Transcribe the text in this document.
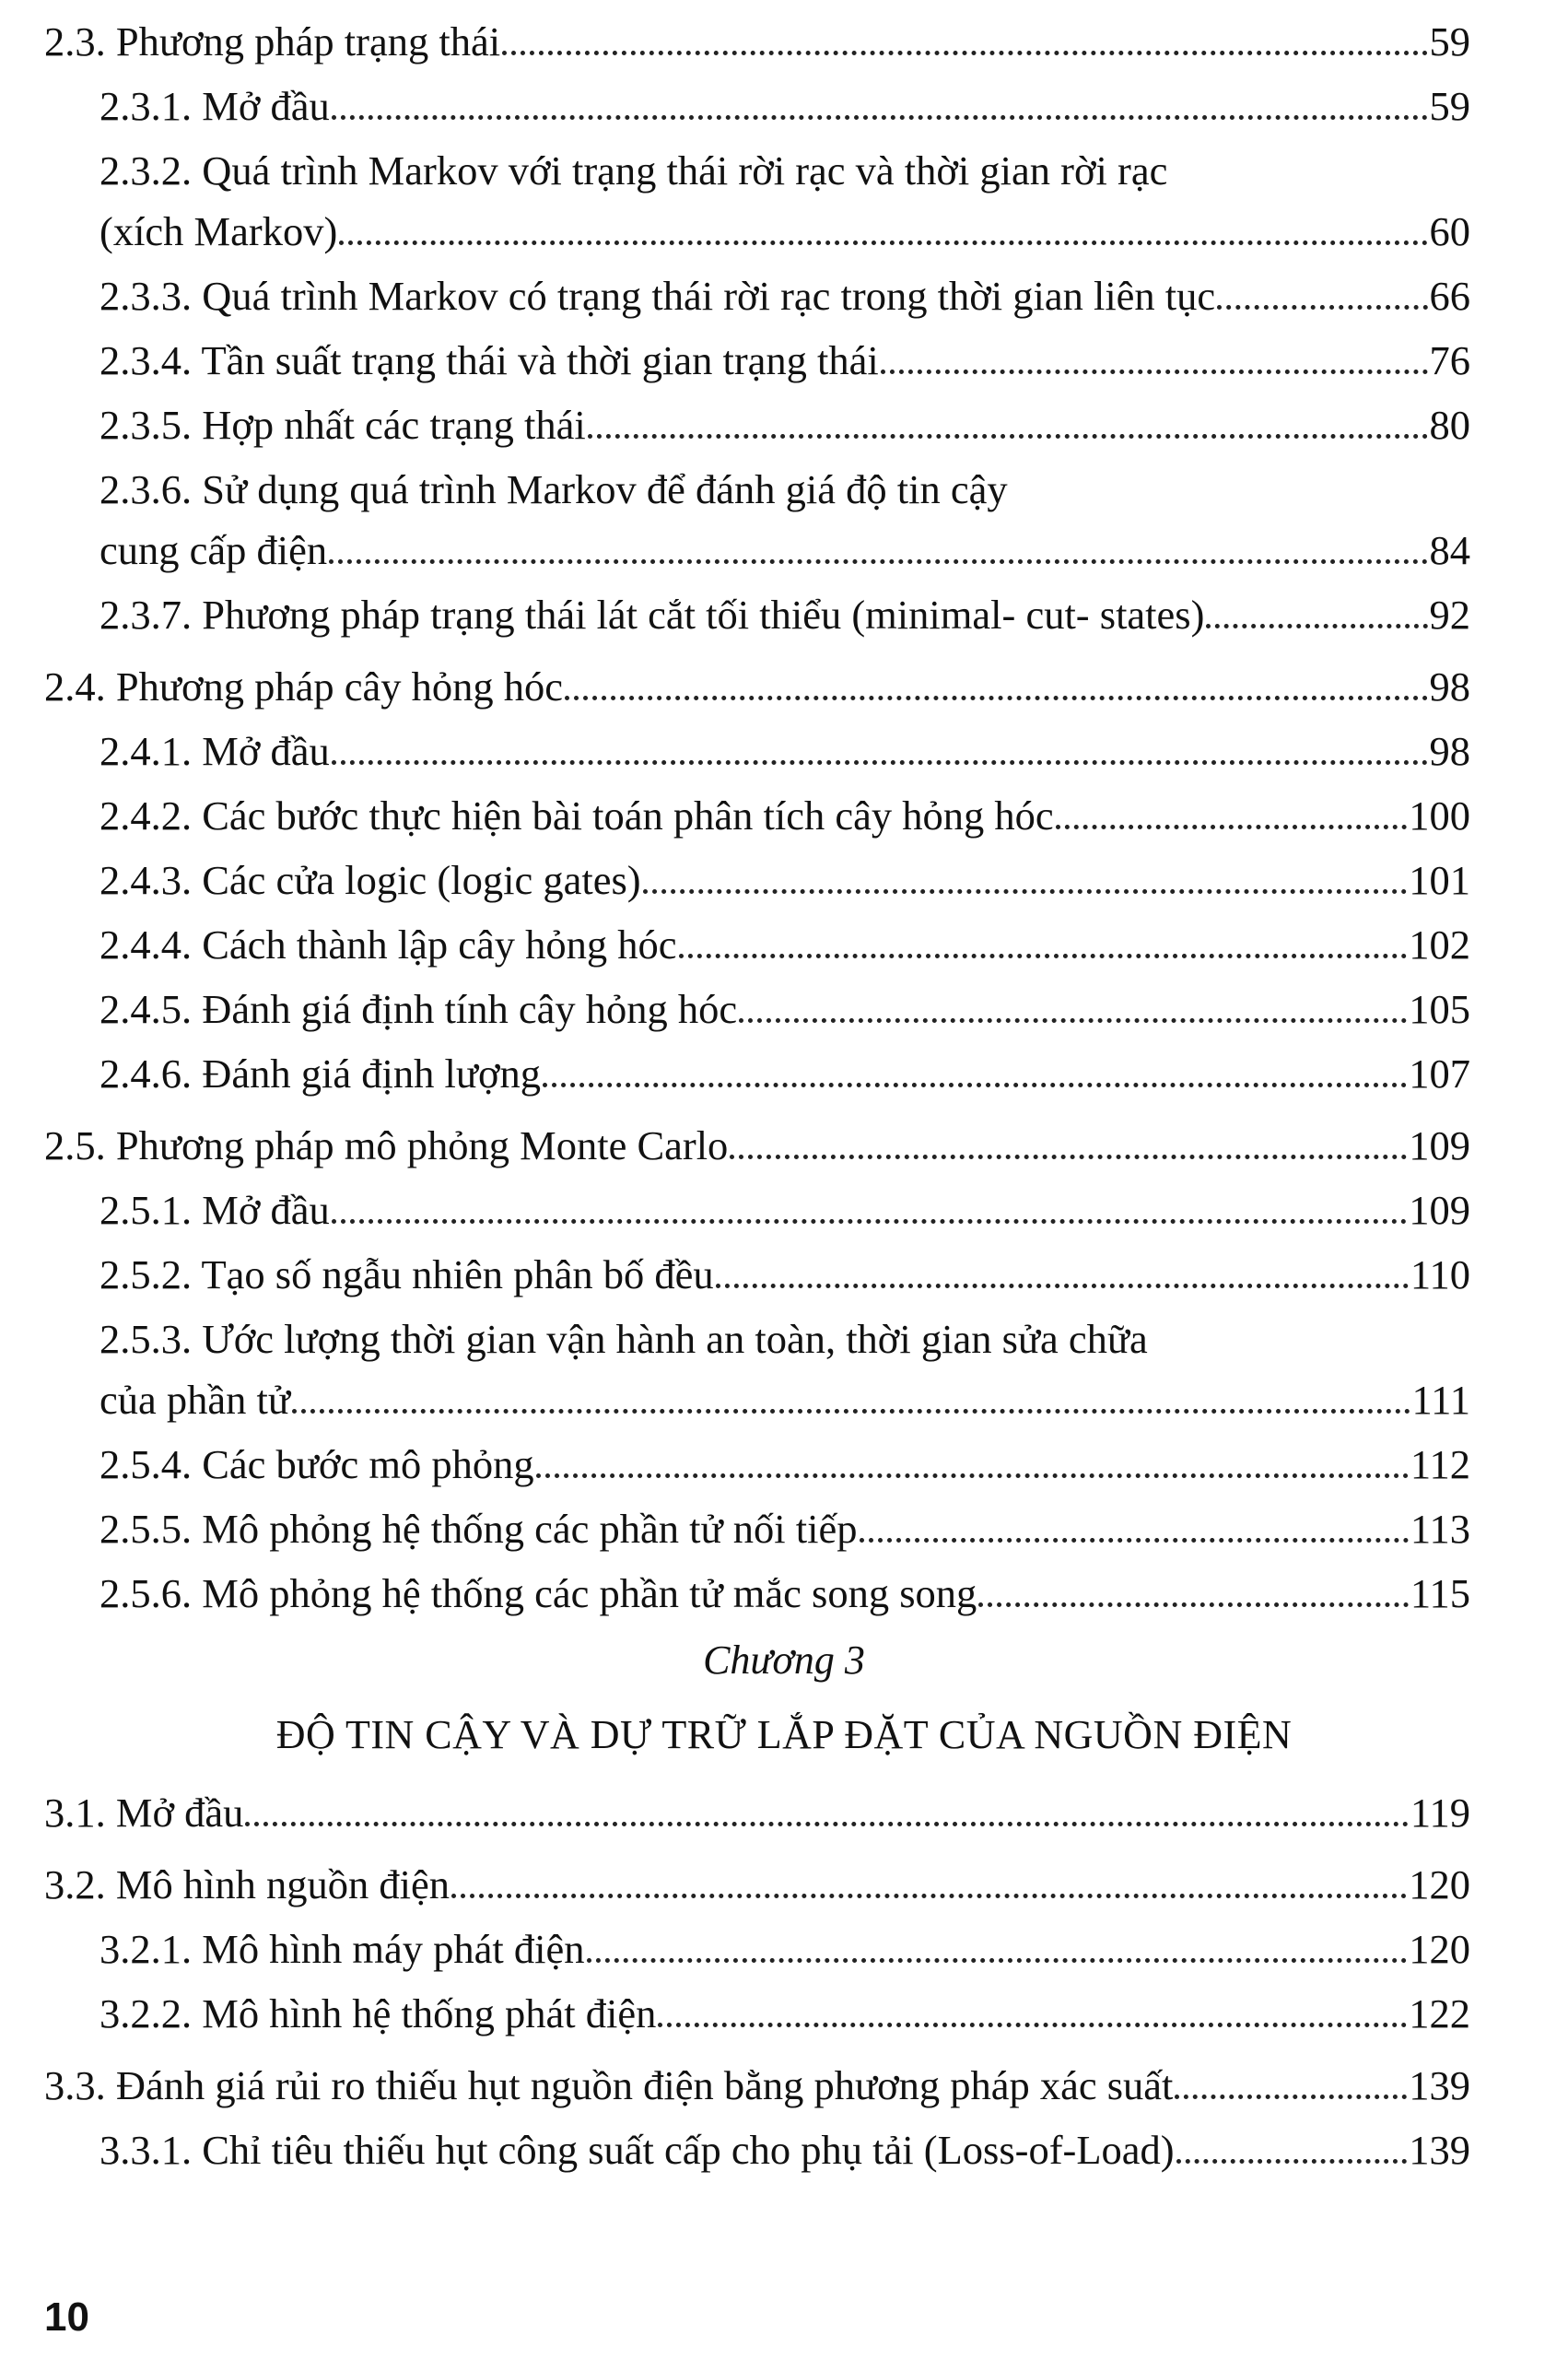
2.3. Phương pháp trạng thái	59
2.3.1. Mở đầu	59
2.3.2. Quá trình Markov với trạng thái rời rạc và thời gian rời rạc
(xích Markov)	60
2.3.3. Quá trình Markov có trạng thái rời rạc trong thời gian liên tục	66
2.3.4. Tần suất trạng thái và thời gian trạng thái	76
2.3.5. Hợp nhất các trạng thái	80
2.3.6. Sử dụng quá trình Markov để đánh giá độ tin cậy
cung cấp điện	84
2.3.7. Phương pháp trạng thái lát cắt tối thiểu (minimal- cut- states)	92
2.4. Phương pháp cây hỏng hóc	98
2.4.1. Mở đầu	98
2.4.2. Các bước thực hiện bài toán phân tích cây hỏng hóc	100
2.4.3. Các cửa logic (logic gates)	101
2.4.4. Cách thành lập cây hỏng hóc	102
2.4.5. Đánh giá định tính cây hỏng hóc	105
2.4.6. Đánh giá định lượng	107
2.5. Phương pháp mô phỏng Monte Carlo	109
2.5.1. Mở đầu	109
2.5.2. Tạo số ngẫu nhiên phân bố đều	110
2.5.3. Ước lượng thời gian vận hành an toàn, thời gian sửa chữa
của phần tử	111
2.5.4. Các bước mô phỏng	112
2.5.5. Mô phỏng hệ thống các phần tử nối tiếp	113
2.5.6. Mô phỏng hệ thống các phần tử mắc song song	115
Chương 3
ĐỘ TIN CẬY VÀ DỰ TRỮ LẮP ĐẶT CỦA NGUỒN ĐIỆN
3.1. Mở đầu	119
3.2. Mô hình nguồn điện	120
3.2.1. Mô hình máy phát điện	120
3.2.2. Mô hình hệ thống phát điện	122
3.3. Đánh giá rủi ro thiếu hụt nguồn điện bằng phương pháp xác suất	139
3.3.1. Chỉ tiêu thiếu hụt công suất cấp cho phụ tải (Loss-of-Load)	139
10
